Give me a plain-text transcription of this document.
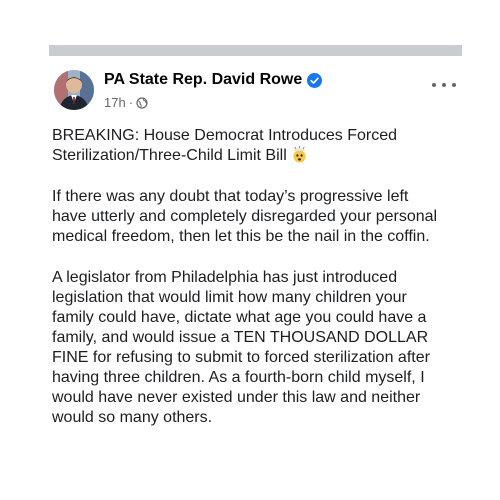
PA State Rep. David Rowe
17h ·

BREAKING: House Democrat Introduces Forced
Sterilization/Three-Child Limit Bill

If there was any doubt that today’s progressive left
have utterly and completely disregarded your personal
medical freedom, then let this be the nail in the coffin.

A legislator from Philadelphia has just introduced
legislation that would limit how many children your
family could have, dictate what age you could have a
family, and would issue a TEN THOUSAND DOLLAR
FINE for refusing to submit to forced sterilization after
having three children. As a fourth-born child myself, I
would have never existed under this law and neither
would so many others.
